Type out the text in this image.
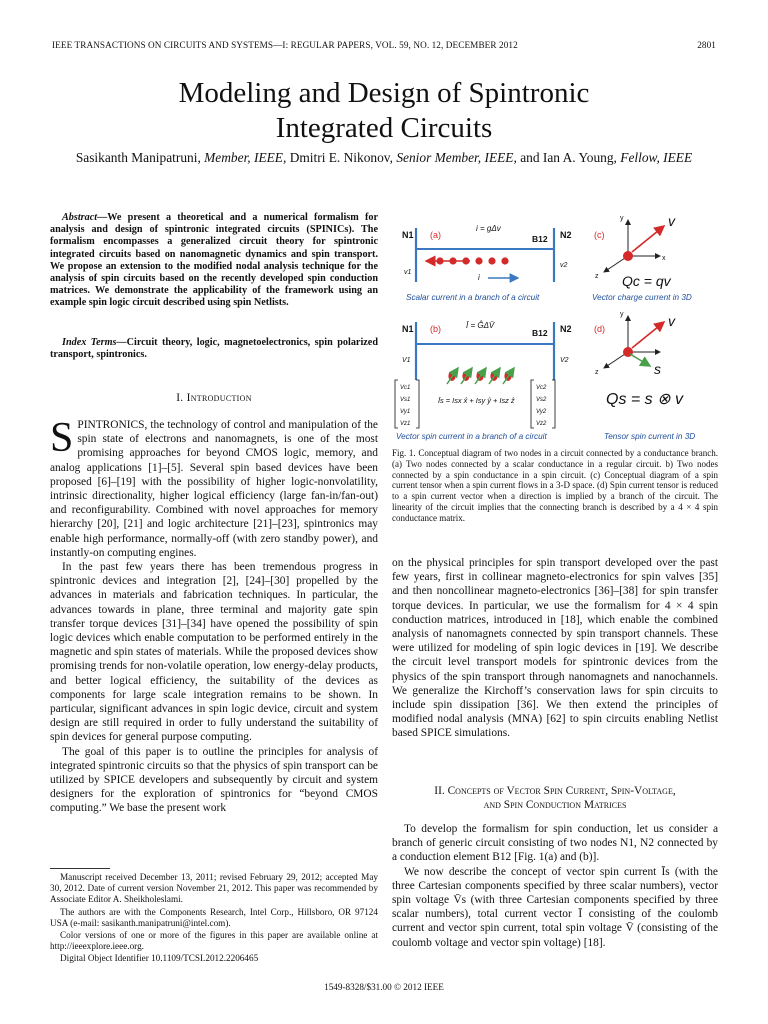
IEEE TRANSACTIONS ON CIRCUITS AND SYSTEMS—I: REGULAR PAPERS, VOL. 59, NO. 12, DECEMBER 2012	2801
Modeling and Design of Spintronic
Integrated Circuits
Sasikanth Manipatruni, Member, IEEE, Dmitri E. Nikonov, Senior Member, IEEE, and Ian A. Young, Fellow, IEEE
Abstract—We present a theoretical and a numerical formalism for analysis and design of spintronic integrated circuits (SPINICs). The formalism encompasses a generalized circuit theory for spintronic integrated circuits based on nanomagnetic dynamics and spin transport. We propose an extension to the modified nodal analysis technique for the analysis of spin circuits based on the recently developed spin conduction matrices. We demonstrate the applicability of the framework using an example spin logic circuit described using spin Netlists.
Index Terms—Circuit theory, logic, magnetoelectronics, spin polarized transport, spintronics.
I. Introduction

SPINTRONICS, the technology of control and manipulation of the spin state of electrons and nanomagnets, is one of the most promising approaches for beyond CMOS logic, memory, and analog applications [1]–[5]. Several spin based devices have been proposed [6]–[19] with the possibility of higher logic-nonvolatility, intrinsic directionality, higher logical efficiency (large fan-in/fan-out) and reconfigurability. Combined with novel approaches for memory hierarchy [20], [21] and logic architecture [21]–[23], spintronics may enable high performance, normally-off (with zero standby power), and instantly-on computing engines.

In the past few years there has been tremendous progress in spintronic devices and integration [2], [24]–[30] propelled by the advances in materials and fabrication techniques. In particular, the advances towards in plane, three terminal and majority gate spin transfer torque devices [31]–[34] have opened the possibility of spin logic devices which enable computation to be performed entirely in the magnetic and spin states of materials. While the proposed devices show promising trends for non-volatile operation, low energy-delay products, and better logical efficiency, the suitability of the devices as components for large scale integration remains to be shown. In particular, significant advances in spin logic device, circuit and system design are still required in order to fully understand the suitability of spin devices for general purpose computing.

The goal of this paper is to outline the principles for analysis of integrated spintronic circuits so that the physics of spin transport can be utilized by SPICE developers and subsequently by circuit and system designers for the exploration of spintronics for “beyond CMOS computing.” We base the present work

Manuscript received December 13, 2011; revised February 29, 2012; accepted May 30, 2012. Date of current version November 21, 2012. This paper was recommended by Associate Editor A. Sheikholeslami.

The authors are with the Components Research, Intel Corp., Hillsboro, OR 97124 USA (e-mail: sasikanth.manipatruni@intel.com).

Color versions of one or more of the figures in this paper are available online at http://ieeexplore.ieee.org.

Digital Object Identifier 10.1109/TCSI.2012.2206465

N1 (a)
i = gΔv
B12 N2
v1
v2
i
Scalar current in a branch of a circuit
(c)
y
x
z
v
Qc = qv
Vector charge current in 3D
N1 (b)	Ī = ĜΔV̄
B12 N2
V1	V2
Īs = Isx x̂ + Isy ŷ + Isz ẑ
Vc1
Vs1
Vy1
Vz1
Vc2
Vs2
Vy2
Vz2
Vector spin current in a branch of a circuit
(d)
y
z
v
s
Qs = s ⊗ v
Tensor spin current in 3D
Fig. 1. Conceptual diagram of two nodes in a circuit connected by a conductance branch. (a) Two nodes connected by a scalar conductance in a regular circuit. b) Two nodes connected by a spin conductance in a spin circuit. (c) Conceptual diagram of a spin current tensor when a spin current flows in a 3-D space. (d) Spin current tensor is reduced to a spin current vector when a direction is implied by a branch of the circuit. The linearity of the circuit implies that the connecting branch is described by a 4 × 4 spin conductance matrix.
on the physical principles for spin transport developed over the past few years, first in collinear magneto-electronics for spin valves [35] and then noncollinear magneto-electronics [36]–[38] for spin transfer torque devices. In particular, we use the formalism for 4 × 4 spin conduction matrices, introduced in [18], which enable the combined analysis of nanomagnets connected by spin transport channels. These were utilized for modeling of spin logic devices in [19]. We describe the circuit level transport models for spintronic devices from the physics of the spin transport through nanomagnets and nanochannels. We generalize the Kirchoff’s conservation laws for spin circuits to include spin dissipation [36]. We then extend the principles of modified nodal analysis (MNA) [62] to spin circuits enabling Netlist based SPICE simulations.
II. Concepts of Vector Spin Current, Spin-Voltage,
and Spin Conduction Matrices

To develop the formalism for spin conduction, let us consider a branch of generic circuit consisting of two nodes N1, N2 connected by a conduction element B12 [Fig. 1(a) and (b)].

We now describe the concept of vector spin current Īs (with the three Cartesian components specified by three scalar numbers), vector spin voltage V̄s (with three Cartesian components specified by three scalar numbers), total current vector Ī consisting of the coulomb current and vector spin current, total spin voltage V̄ (consisting of the coulomb voltage and vector spin voltage) [18].

1549-8328/$31.00 © 2012 IEEE
